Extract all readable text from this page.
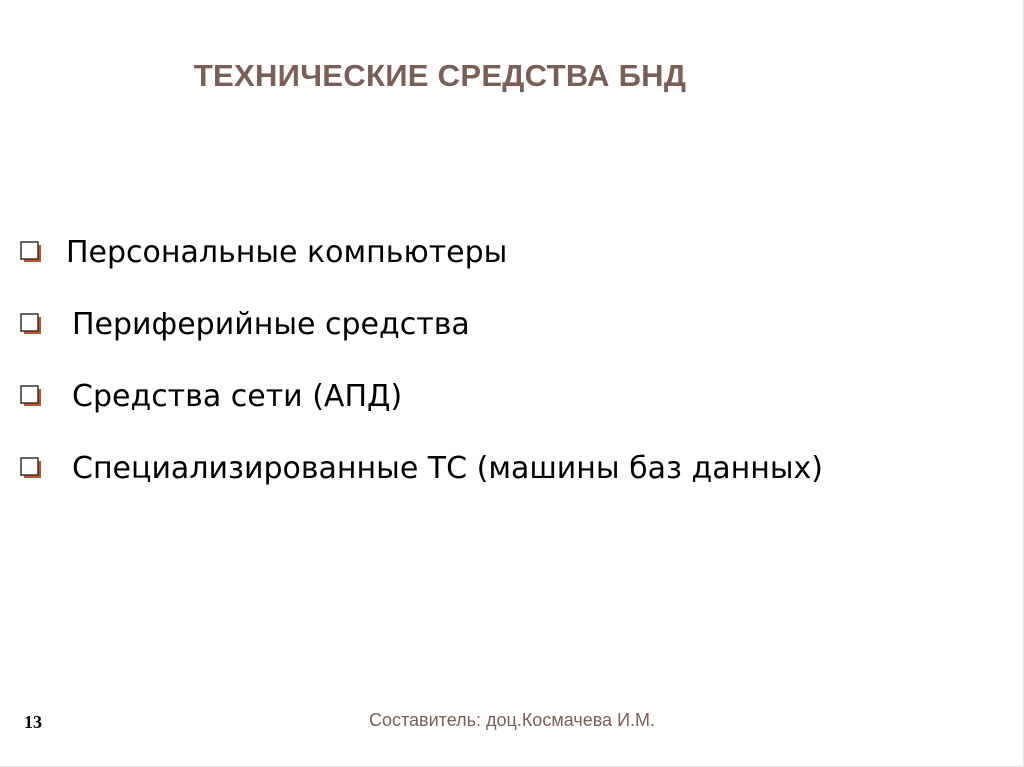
ТЕХНИЧЕСКИЕ СРЕДСТВА БНД
Персональные компьютеры
Периферийные средства
Средства сети (АПД)
Специализированные ТС (машины баз данных)
13	Составитель: доц.Космачева И.М.
